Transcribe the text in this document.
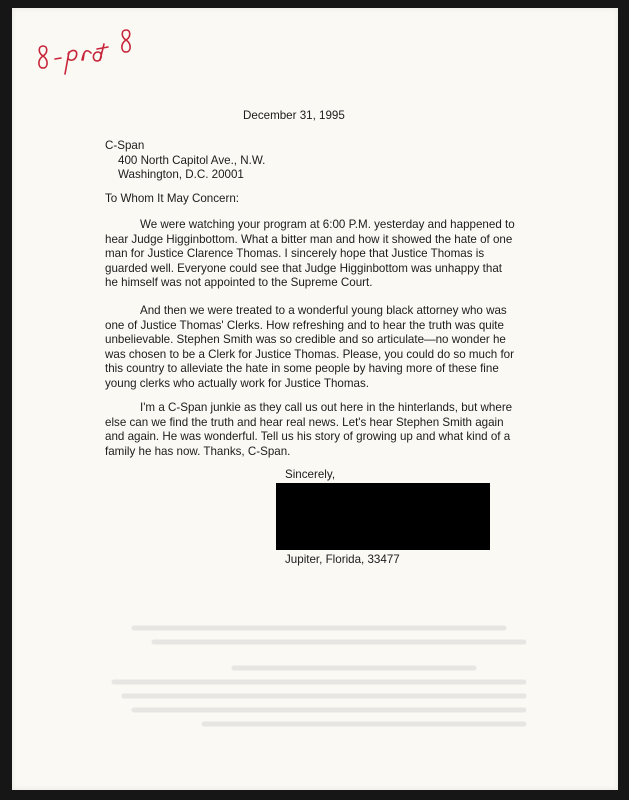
December 31, 1995
C-Span
400 North Capitol Ave., N.W.
Washington, D.C. 20001
To Whom It May Concern:
We were watching your program at 6:00 P.M. yesterday and happened to
hear Judge Higginbottom. What a bitter man and how it showed the hate of one
man for Justice Clarence Thomas. I sincerely hope that Justice Thomas is
guarded well. Everyone could see that Judge Higginbottom was unhappy that
he himself was not appointed to the Supreme Court.
And then we were treated to a wonderful young black attorney who was
one of Justice Thomas' Clerks. How refreshing and to hear the truth was quite
unbelievable. Stephen Smith was so credible and so articulate—no wonder he
was chosen to be a Clerk for Justice Thomas. Please, you could do so much for
this country to alleviate the hate in some people by having more of these fine
young clerks who actually work for Justice Thomas.
I'm a C-Span junkie as they call us out here in the hinterlands, but where
else can we find the truth and hear real news. Let's hear Stephen Smith again
and again. He was wonderful. Tell us his story of growing up and what kind of a
family he has now. Thanks, C-Span.
Sincerely,
Jupiter, Florida, 33477
